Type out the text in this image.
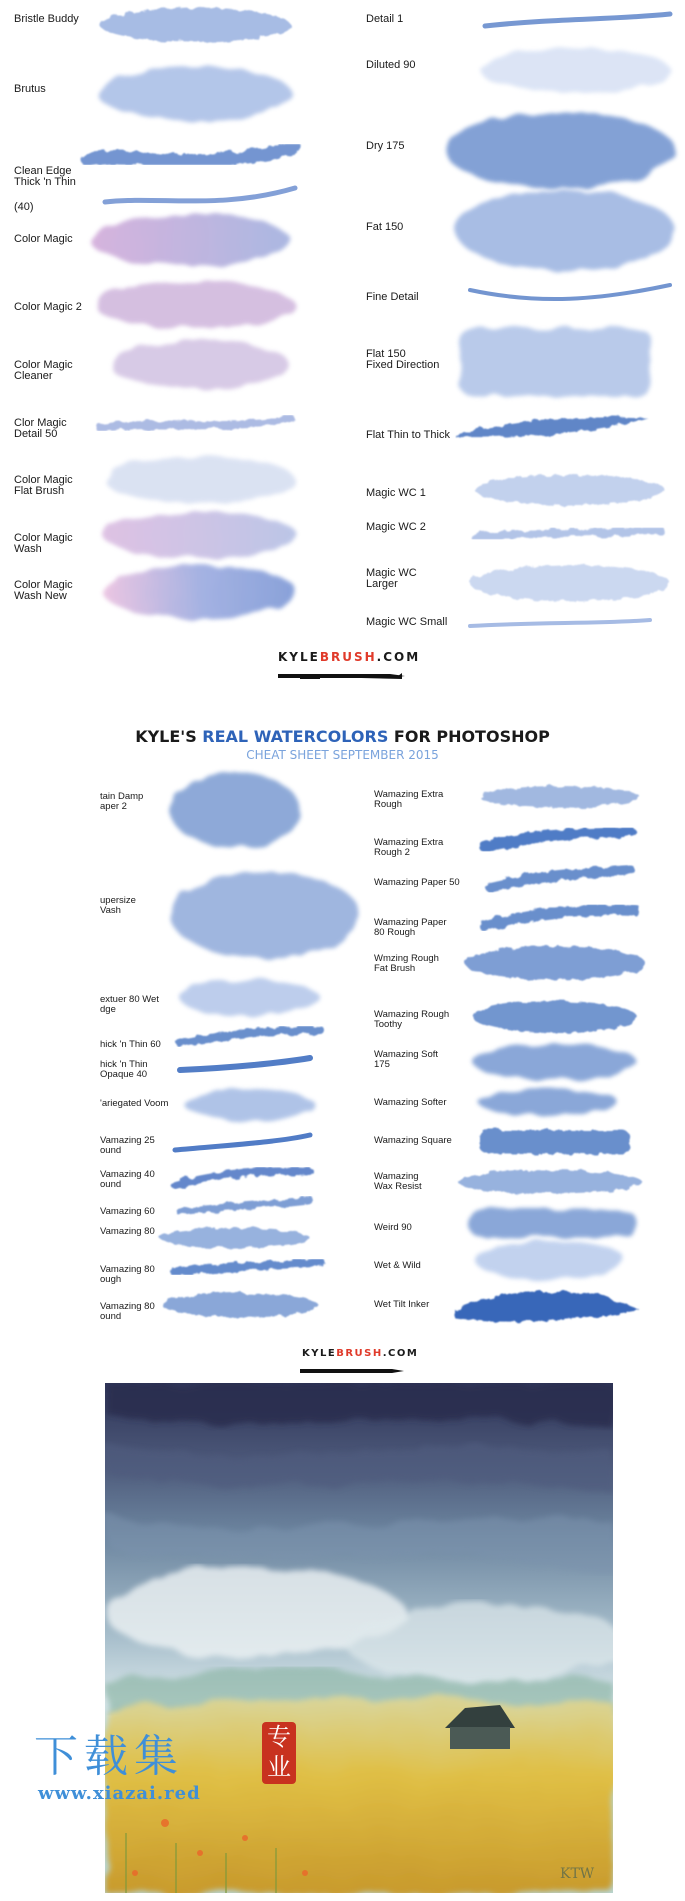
Bristle Buddy
Brutus
Clean Edge
Thick 'n Thin
(40)
Color Magic
Color Magic 2
Color Magic
Cleaner
Clor Magic
Detail 50
Color Magic
Flat Brush
Color Magic
Wash
Color Magic
Wash New
Detail 1
Diluted 90
Dry 175
Fat 150
Fine Detail
Flat 150
Fixed Direction
Flat Thin to Thick
Magic WC 1
Magic WC 2
Magic WC
Larger
Magic WC Small
KYLEBRUSH.COM
KYLE'S REAL WATERCOLORS FOR PHOTOSHOP
CHEAT SHEET SEPTEMBER 2015
tain Damp
aper 2
upersize
Vash
extuer 80 Wet
dge
hick 'n Thin 60
hick 'n Thin
Opaque 40
'ariegated Voom
Vamazing 25
ound
Vamazing 40
ound
Vamazing 60
Vamazing 80
Vamazing 80
ough
Vamazing 80
ound
Wamazing Extra
Rough
Wamazing Extra
Rough 2
Wamazing Paper 50
Wamazing Paper
80 Rough
Wmzing Rough
Fat Brush
Wamazing Rough
Toothy
Wamazing Soft
175
Wamazing Softer
Wamazing Square
Wamazing
Wax Resist
Weird 90
Wet & Wild
Wet Tilt Inker
KYLEBRUSH.COM
KTW
下载集	专业
www.xiazai.red
